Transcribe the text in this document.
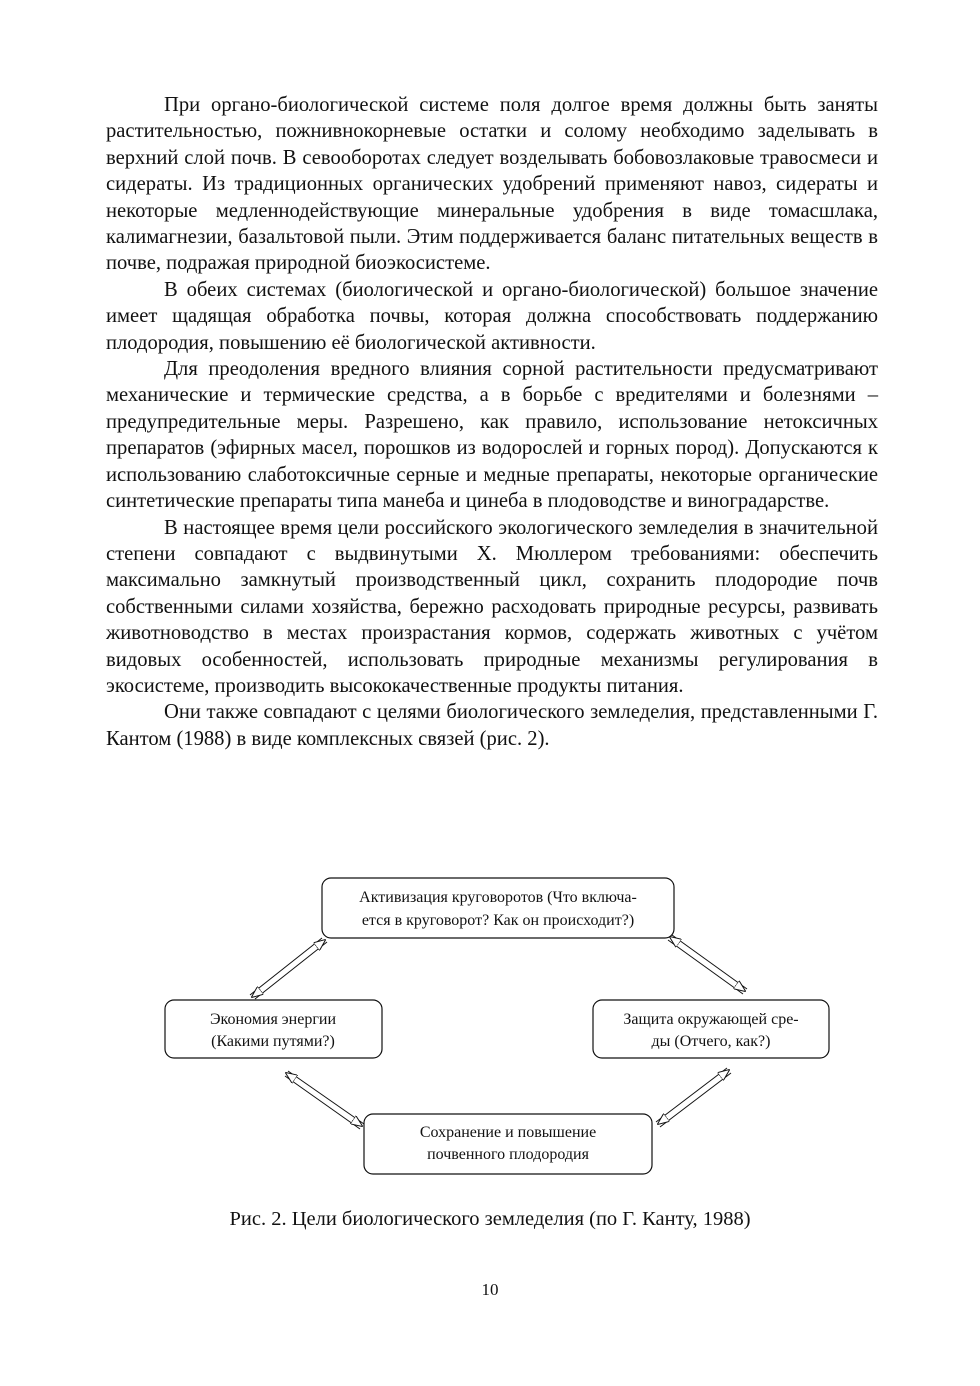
При органо-биологической системе поля долгое время должны быть заняты растительностью, пожнивнокорневые остатки и солому необходимо заделывать в верхний слой почв. В севооборотах следует возделывать бобовозлаковые травосмеси и сидераты. Из традиционных органических удобрений применяют навоз, сидераты и некоторые медленнодействующие минеральные удобрения в виде томасшлака, калимагнезии, базальтовой пыли. Этим поддерживается баланс питательных веществ в почве, подражая природной биоэкосистеме.

В обеих системах (биологической и органо-биологической) большое значение имеет щадящая обработка почвы, которая должна способствовать поддержанию плодородия, повышению её биологической активности.

Для преодоления вредного влияния сорной растительности предусматривают механические и термические средства, а в борьбе с вредителями и болезнями – предупредительные меры. Разрешено, как правило, использование нетоксичных препаратов (эфирных масел, порошков из водорослей и горных пород). Допускаются к использованию слаботоксичные серные и медные препараты, некоторые органические синтетические препараты типа манеба и цинеба в плодоводстве и виноградарстве.

В настоящее время цели российского экологического земледелия в значительной степени совпадают с выдвинутыми Х. Мюллером требованиями: обеспечить максимально замкнутый производственный цикл, сохранить плодородие почв собственными силами хозяйства, бережно расходовать природные ресурсы, развивать животноводство в местах произрастания кормов, содержать животных с учётом видовых особенностей, использовать природные механизмы регулирования в экосистеме, производить высококачественные продукты питания.

Они также совпадают с целями биологического земледелия, представленными Г. Кантом (1988) в виде комплексных связей (рис. 2).

Активизация круговоротов (Что включа-
ется в круговорот? Как он происходит?)
Экономия энергии
(Какими путями?)
Защита окружающей сре-
ды (Отчего, как?)
Сохранение и повышение
почвенного плодородия
Рис. 2. Цели биологического земледелия (по Г. Канту, 1988)
10
